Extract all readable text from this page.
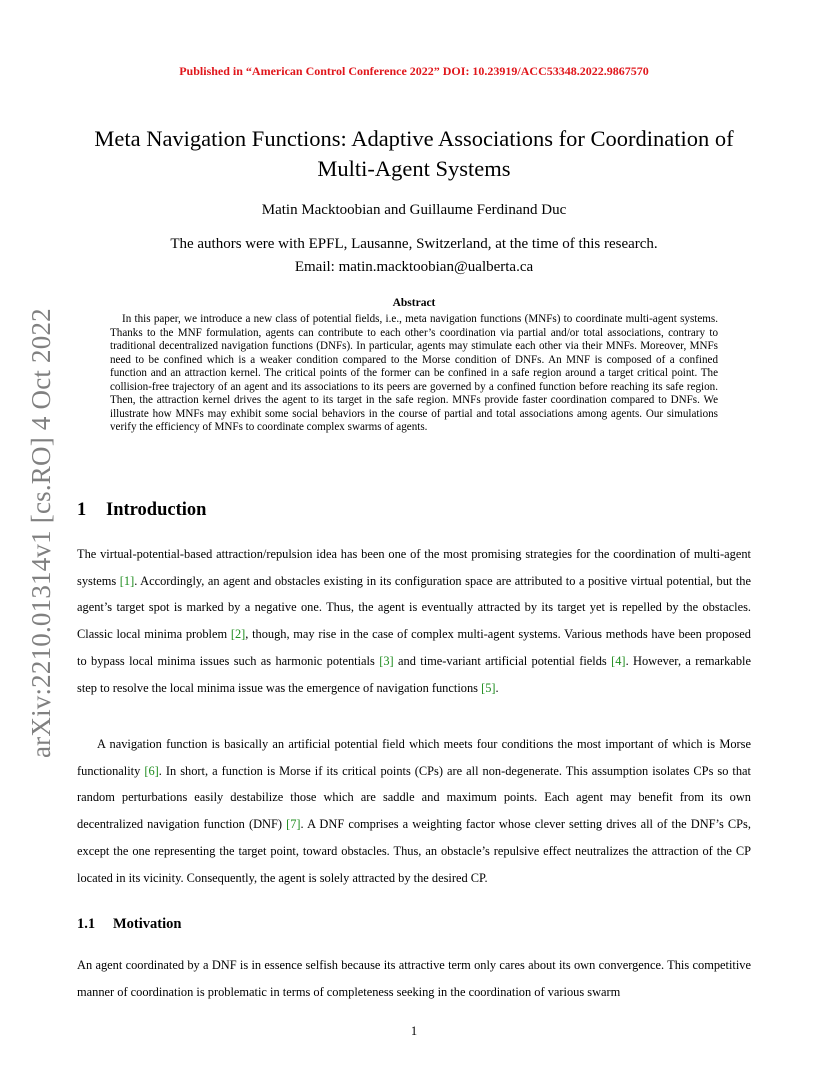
Published in “American Control Conference 2022” DOI: 10.23919/ACC53348.2022.9867570
Meta Navigation Functions: Adaptive Associations for Coordination of Multi-Agent Systems
Matin Macktoobian and Guillaume Ferdinand Duc
The authors were with EPFL, Lausanne, Switzerland, at the time of this research.
Email: matin.macktoobian@ualberta.ca
arXiv:2210.01314v1 [cs.RO] 4 Oct 2022
Abstract
In this paper, we introduce a new class of potential fields, i.e., meta navigation functions (MNFs) to coordinate multi-agent systems. Thanks to the MNF formulation, agents can contribute to each other’s coordination via partial and/or total associations, contrary to traditional decentralized navigation functions (DNFs). In particular, agents may stimulate each other via their MNFs. Moreover, MNFs need to be confined which is a weaker condition compared to the Morse condition of DNFs. An MNF is composed of a confined function and an attraction kernel. The critical points of the former can be confined in a safe region around a target critical point. The collision-free trajectory of an agent and its associations to its peers are governed by a confined function before reaching its safe region. Then, the attraction kernel drives the agent to its target in the safe region. MNFs provide faster coordination compared to DNFs. We illustrate how MNFs may exhibit some social behaviors in the course of partial and total associations among agents. Our simulations verify the efficiency of MNFs to coordinate complex swarms of agents.
1 Introduction
The virtual-potential-based attraction/repulsion idea has been one of the most promising strategies for the coordination of multi-agent systems [1]. Accordingly, an agent and obstacles existing in its configuration space are attributed to a positive virtual potential, but the agent’s target spot is marked by a negative one. Thus, the agent is eventually attracted by its target yet is repelled by the obstacles. Classic local minima problem [2], though, may rise in the case of complex multi-agent systems. Various methods have been proposed to bypass local minima issues such as harmonic potentials [3] and time-variant artificial potential fields [4]. However, a remarkable step to resolve the local minima issue was the emergence of navigation functions [5].
A navigation function is basically an artificial potential field which meets four conditions the most important of which is Morse functionality [6]. In short, a function is Morse if its critical points (CPs) are all non-degenerate. This assumption isolates CPs so that random perturbations easily destabilize those which are saddle and maximum points. Each agent may benefit from its own decentralized navigation function (DNF) [7]. A DNF comprises a weighting factor whose clever setting drives all of the DNF’s CPs, except the one representing the target point, toward obstacles. Thus, an obstacle’s repulsive effect neutralizes the attraction of the CP located in its vicinity. Consequently, the agent is solely attracted by the desired CP.
1.1 Motivation
An agent coordinated by a DNF is in essence selfish because its attractive term only cares about its own convergence. This competitive manner of coordination is problematic in terms of completeness seeking in the coordination of various swarm
1
